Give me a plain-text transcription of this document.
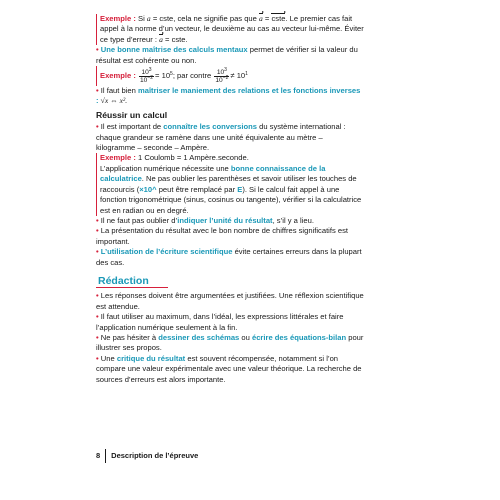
Exemple : Si a = cste, cela ne signifie pas que a = cste. Le premier cas fait appel à la norme d’un vecteur, le deuxième au cas au vecteur lui-même. Éviter ce type d’erreur : a = cste.

• Une bonne maîtrise des calculs mentaux permet de vérifier si la valeur du résultat est cohérente ou non.

Exemple :
$\frac{10^3}{10^{-2}} = 10^5$ ; par contre
$\frac{10^3}{10^{-2}} \ne 10^1$

• Il faut bien maîtriser le maniement des relations et les fonctions inverses : √x ⇔ x².

Réussir un calcul

• Il est important de connaître les conversions du système international : chaque grandeur se ramène dans une unité équivalente au mètre – kilogramme – seconde – Ampère.

Exemple : 1 Coulomb = 1 Ampère.seconde.
L’application numérique nécessite une bonne connaissance de la calculatrice. Ne pas oublier les parenthèses et savoir utiliser les touches de raccourcis (×10^ peut être remplacé par E). Si le calcul fait appel à une fonction trigonométrique (sinus, cosinus ou tangente), vérifier si la calculatrice est en radian ou en degré.

• Il ne faut pas oublier d’indiquer l’unité du résultat, s’il y a lieu.

• La présentation du résultat avec le bon nombre de chiffres significatifs est important.

• L’utilisation de l’écriture scientifique évite certaines erreurs dans la plupart des cas.

Rédaction

• Les réponses doivent être argumentées et justifiées. Une réflexion scientifique est attendue.

• Il faut utiliser au maximum, dans l’idéal, les expressions littérales et faire l’application numérique seulement à la fin.

• Ne pas hésiter à dessiner des schémas ou écrire des équations-bilan pour illustrer ses propos.

• Une critique du résultat est souvent récompensée, notamment si l’on compare une valeur expérimentale avec une valeur théorique. La recherche de sources d’erreurs est alors importante.

8	Description de l’épreuve
